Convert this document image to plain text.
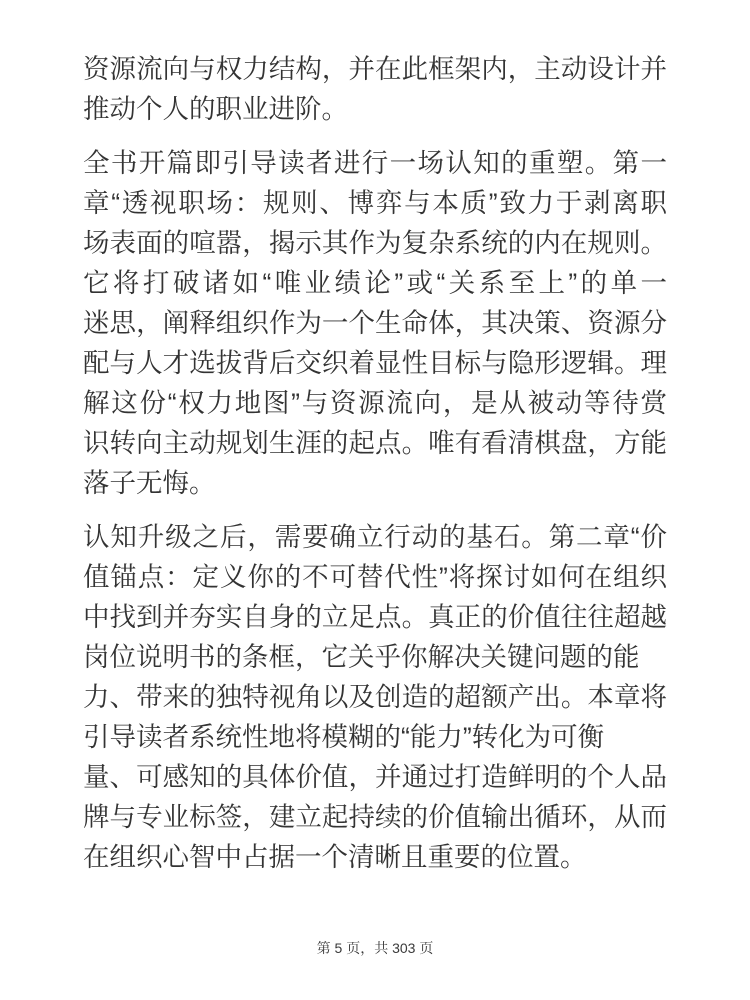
资源流向与权力结构，并在此框架内，主动设计并
推动个人的职业进阶。
全书开篇即引导读者进行一场认知的重塑。第一
章“透视职场：规则、博弈与本质”致力于剥离职
场表面的喧嚣，揭示其作为复杂系统的内在规则。
它将打破诸如“唯业绩论”或“关系至上”的单一
迷思，阐释组织作为一个生命体，其决策、资源分
配与人才选拔背后交织着显性目标与隐形逻辑。理
解这份“权力地图”与资源流向，是从被动等待赏
识转向主动规划生涯的起点。唯有看清棋盘，方能
落子无悔。
认知升级之后，需要确立行动的基石。第二章“价
值锚点：定义你的不可替代性”将探讨如何在组织
中找到并夯实自身的立足点。真正的价值往往超越
岗位说明书的条框，它关乎你解决关键问题的能
力、带来的独特视角以及创造的超额产出。本章将
引导读者系统性地将模糊的“能力”转化为可衡
量、可感知的具体价值，并通过打造鲜明的个人品
牌与专业标签，建立起持续的价值输出循环，从而
在组织心智中占据一个清晰且重要的位置。
第 5 页，共 303 页
